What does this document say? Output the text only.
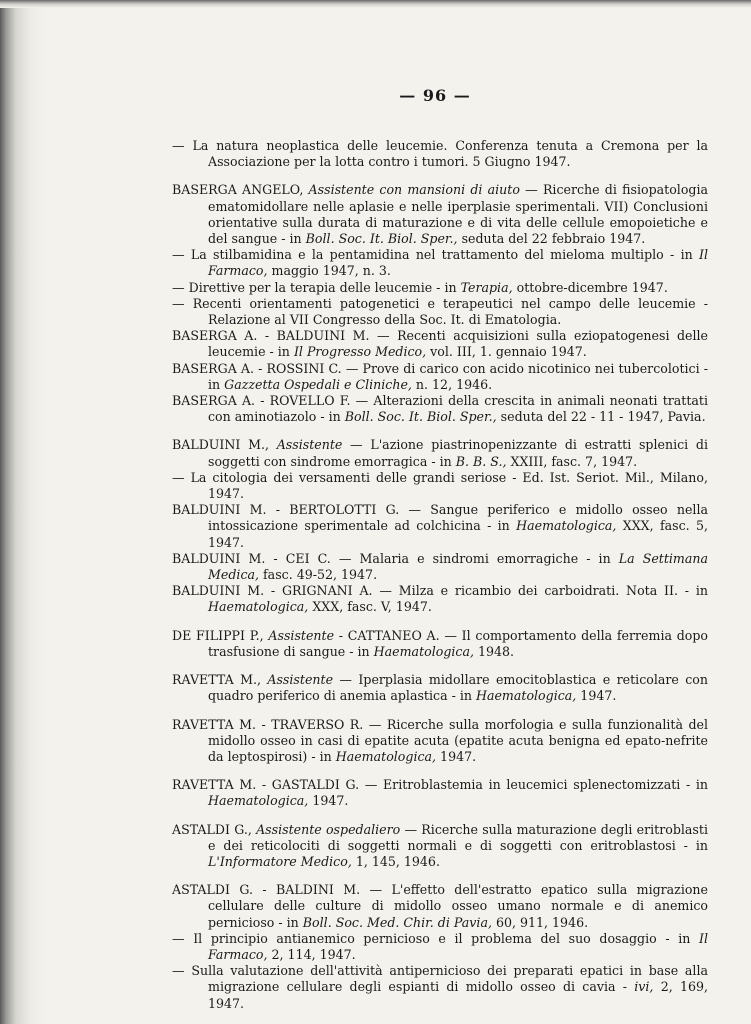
— 96 —

— La natura neoplastica delle leucemie. Conferenza tenuta a Cremona per la Associazione per la lotta contro i tumori. 5 Giugno 1947.

BASERGA ANGELO, Assistente con mansioni di aiuto — Ricerche di fisiopatologia ematomidollare nelle aplasie e nelle iperplasie sperimentali. VII) Conclusioni orientative sulla durata di maturazione e di vita delle cellule emopoietiche e del sangue - in Boll. Soc. It. Biol. Sper., seduta del 22 febbraio 1947.

— La stilbamidina e la pentamidina nel trattamento del mieloma multiplo - in Il Farmaco, maggio 1947, n. 3.

— Direttive per la terapia delle leucemie - in Terapia, ottobre-dicembre 1947.

— Recenti orientamenti patogenetici e terapeutici nel campo delle leucemie - Relazione al VII Congresso della Soc. It. di Ematologia.

BASERGA A. - BALDUINI M. — Recenti acquisizioni sulla eziopatogenesi delle leucemie - in Il Progresso Medico, vol. III, 1. gennaio 1947.

BASERGA A. - ROSSINI C. — Prove di carico con acido nicotinico nei tubercolotici - in Gazzetta Ospedali e Cliniche, n. 12, 1946.

BASERGA A. - ROVELLO F. — Alterazioni della crescita in animali neonati trattati con aminotiazolo - in Boll. Soc. It. Biol. Sper., seduta del 22 - 11 - 1947, Pavia.

BALDUINI M., Assistente — L'azione piastrinopenizzante di estratti splenici di soggetti con sindrome emorragica - in B. B. S., XXIII, fasc. 7, 1947.

— La citologia dei versamenti delle grandi seriose - Ed. Ist. Seriot. Mil., Milano, 1947.

BALDUINI M. - BERTOLOTTI G. — Sangue periferico e midollo osseo nella intossicazione sperimentale ad colchicina - in Haematologica, XXX, fasc. 5, 1947.

BALDUINI M. - CEI C. — Malaria e sindromi emorragiche - in La Settimana Medica, fasc. 49-52, 1947.

BALDUINI M. - GRIGNANI A. — Milza e ricambio dei carboidrati. Nota II. - in Haematologica, XXX, fasc. V, 1947.

DE FILIPPI P., Assistente - CATTANEO A. — Il comportamento della ferremia dopo trasfusione di sangue - in Haematologica, 1948.

RAVETTA M., Assistente — Iperplasia midollare emocitoblastica e reticolare con quadro periferico di anemia aplastica - in Haematologica, 1947.

RAVETTA M. - TRAVERSO R. — Ricerche sulla morfologia e sulla funzionalità del midollo osseo in casi di epatite acuta (epatite acuta benigna ed epato-nefrite da leptospirosi) - in Haematologica, 1947.

RAVETTA M. - GASTALDI G. — Eritroblastemia in leucemici splenectomizzati - in Haematologica, 1947.

ASTALDI G., Assistente ospedaliero — Ricerche sulla maturazione degli eritroblasti e dei reticolociti di soggetti normali e di soggetti con eritroblastosi - in L'Informatore Medico, 1, 145, 1946.

ASTALDI G. - BALDINI M. — L'effetto dell'estratto epatico sulla migrazione cellulare delle culture di midollo osseo umano normale e di anemico pernicioso - in Boll. Soc. Med. Chir. di Pavia, 60, 911, 1946.

— Il principio antianemico pernicioso e il problema del suo dosaggio - in Il Farmaco, 2, 114, 1947.

— Sulla valutazione dell'attività antipernicioso dei preparati epatici in base alla migrazione cellulare degli espianti di midollo osseo di cavia - ivi, 2, 169, 1947.
